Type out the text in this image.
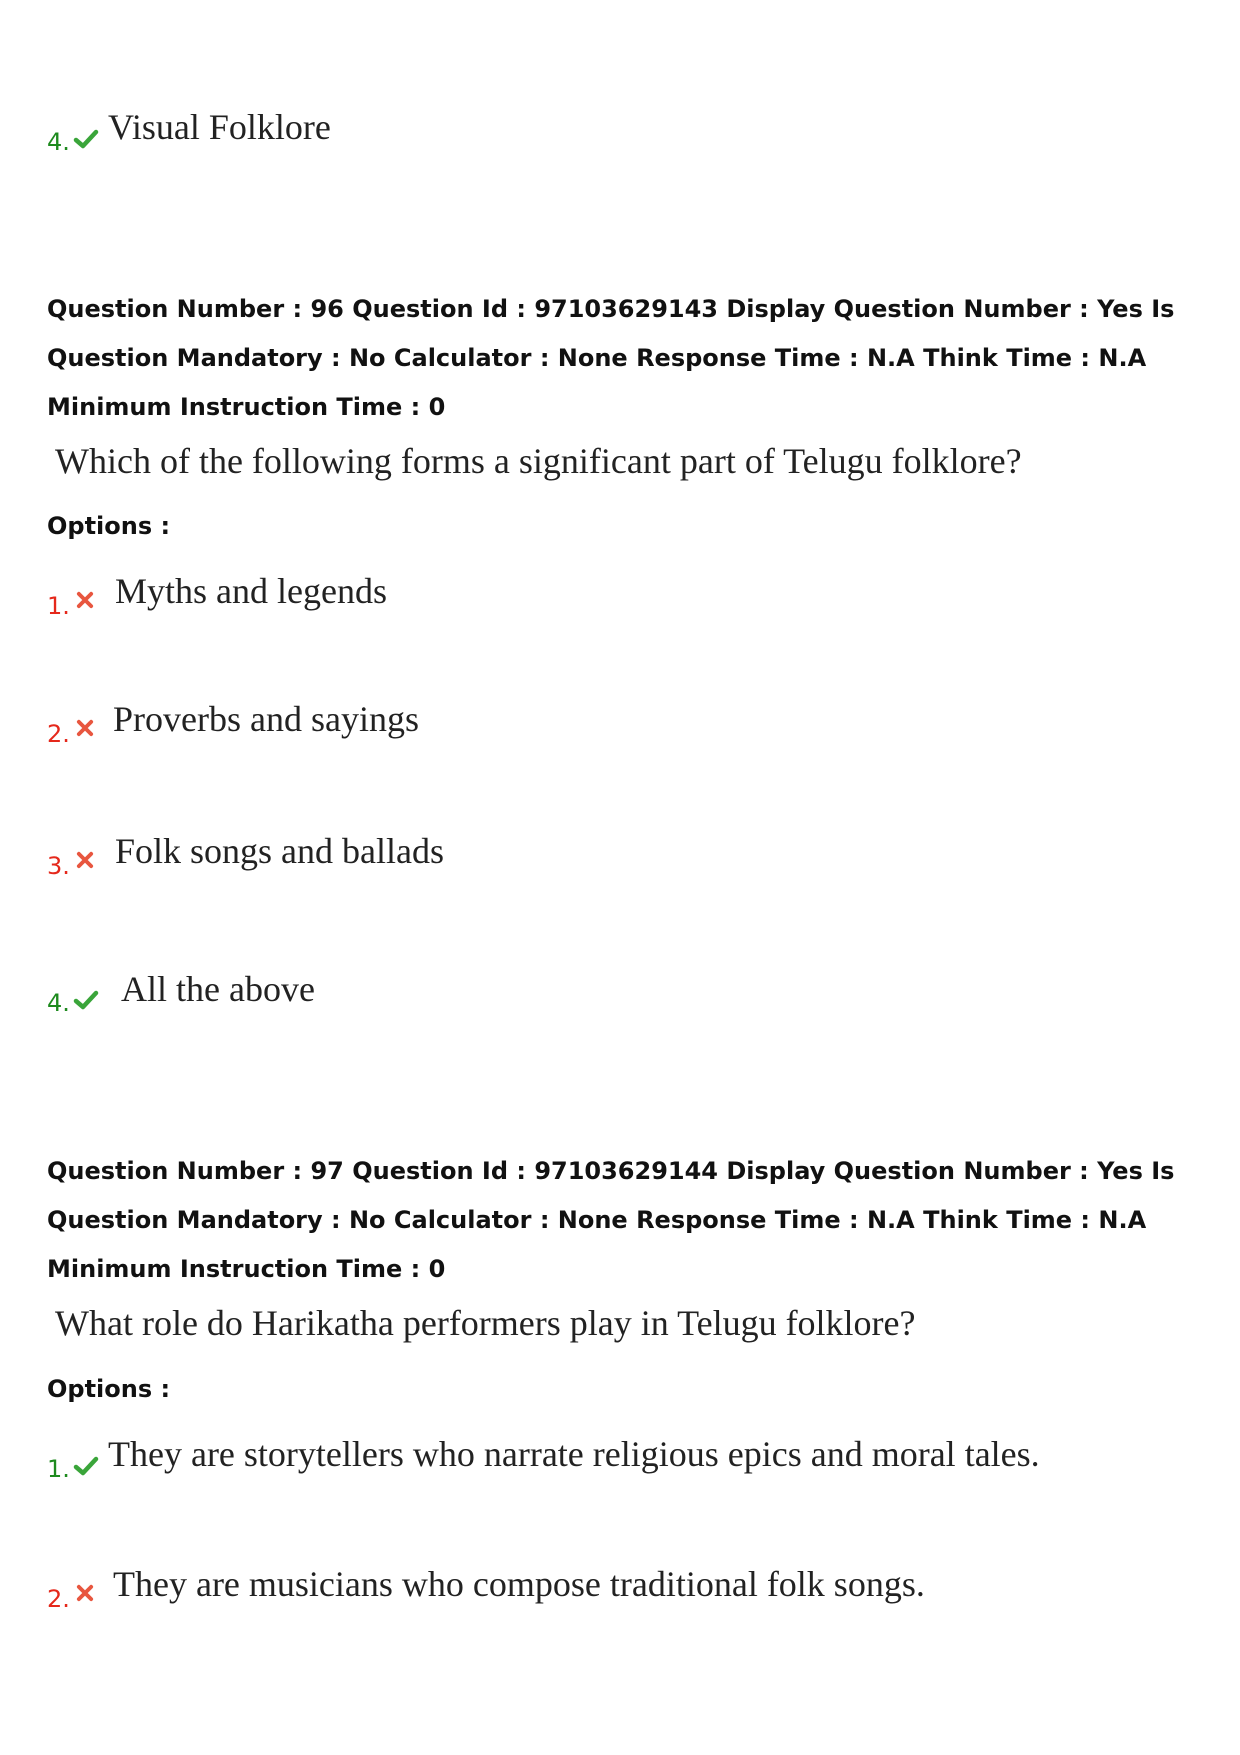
4. Visual Folklore
Question Number : 96 Question Id : 97103629143 Display Question Number : Yes Is Question Mandatory : No Calculator : None Response Time : N.A Think Time : N.A Minimum Instruction Time : 0
Which of the following forms a significant part of Telugu folklore?
Options :
1. Myths and legends
2. Proverbs and sayings
3. Folk songs and ballads
4. All the above
Question Number : 97 Question Id : 97103629144 Display Question Number : Yes Is Question Mandatory : No Calculator : None Response Time : N.A Think Time : N.A Minimum Instruction Time : 0
What role do Harikatha performers play in Telugu folklore?
Options :
1. They are storytellers who narrate religious epics and moral tales.
2. They are musicians who compose traditional folk songs.
